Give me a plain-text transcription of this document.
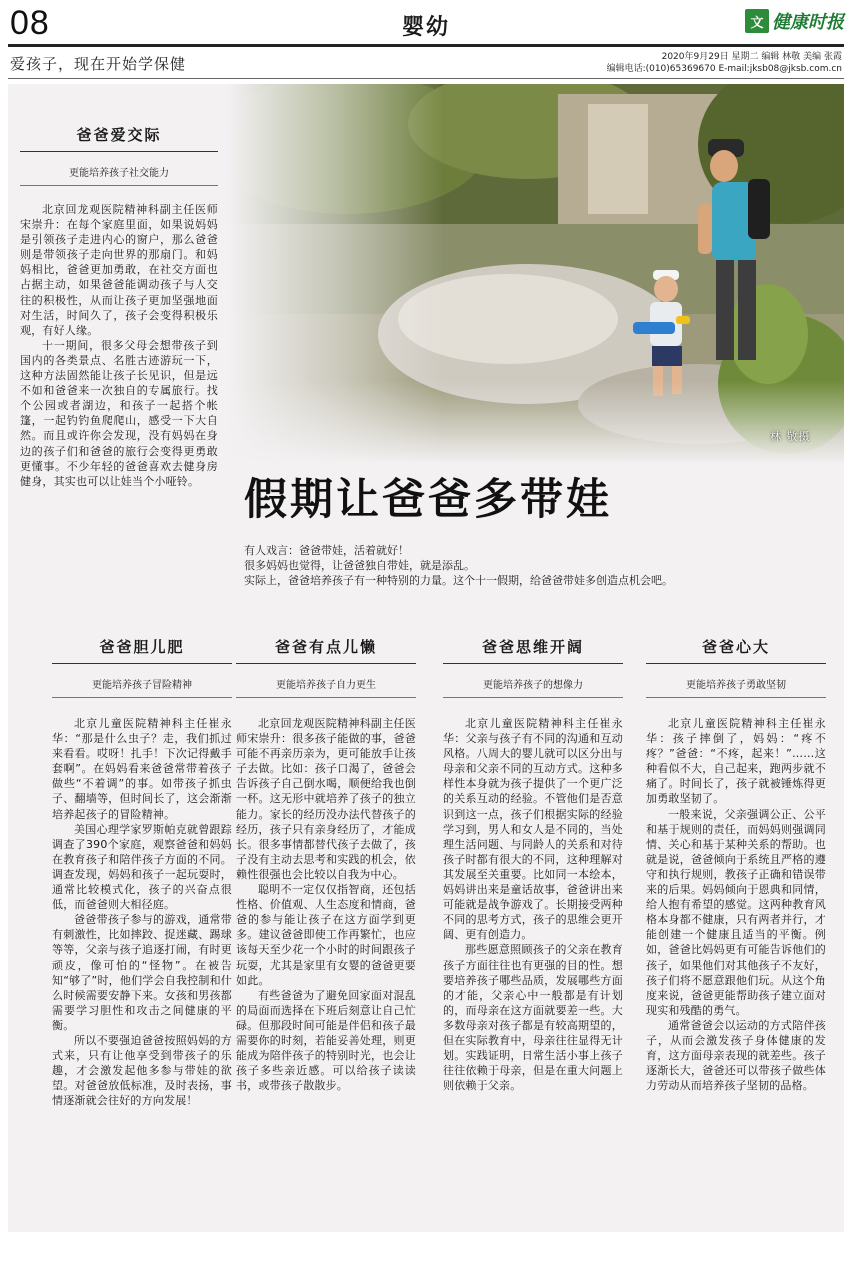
08	婴幼	文 健康时报
爱孩子，现在开始学保健	2020年9月29日 星期二 编辑 林敬 美编 张霞
编辑电话:(010)65369670 E-mail:jksb08@jksb.com.cn
林 敬摄
爸爸爱交际
更能培养孩子社交能力

北京回龙观医院精神科副主任医师宋崇升：在每个家庭里面，如果说妈妈是引领孩子走进内心的窗户，那么爸爸则是带领孩子走向世界的那扇门。和妈妈相比，爸爸更加勇敢，在社交方面也占据主动，如果爸爸能调动孩子与人交往的积极性，从而让孩子更加坚强地面对生活，时间久了，孩子会变得积极乐观，有好人缘。

十一期间，很多父母会想带孩子到国内的各类景点、名胜古迹游玩一下，这种方法固然能让孩子长见识，但是远不如和爸爸来一次独自的专属旅行。找个公园或者湖边，和孩子一起搭个帐篷，一起钓钓鱼爬爬山，感受一下大自然。而且或许你会发现，没有妈妈在身边的孩子们和爸爸的旅行会变得更勇敢更懂事。不少年轻的爸爸喜欢去健身房健身，其实也可以让娃当个小哑铃。	假期让爸爸多带娃

有人戏言：爸爸带娃，活着就好！

很多妈妈也觉得，让爸爸独自带娃，就是添乱。

实际上，爸爸培养孩子有一种特别的力量。这个十一假期，给爸爸带娃多创造点机会吧。

爸爸胆儿肥
更能培养孩子冒险精神

北京儿童医院精神科主任崔永华：“那是什么虫子？走，我们抓过来看看。哎呀！扎手！下次记得戴手套啊”。在妈妈看来爸爸常带着孩子做些“不着调”的事。如带孩子抓虫子、翻墙等，但时间长了，这会渐渐培养起孩子的冒险精神。

美国心理学家罗斯帕克就曾跟踪调查了390个家庭，观察爸爸和妈妈在教育孩子和陪伴孩子方面的不同。调查发现，妈妈和孩子一起玩耍时，通常比较模式化，孩子的兴奋点很低，而爸爸则大相径庭。

爸爸带孩子参与的游戏，通常带有刺激性，比如摔跤、捉迷藏、踢球等等，父亲与孩子追逐打闹，有时更顽皮，像可怕的“怪物”。在被告知“够了”时，他们学会自我控制和什么时候需要安静下来。女孩和男孩都需要学习胆性和攻击之间健康的平衡。

所以不要强迫爸爸按照妈妈的方式来，只有让他享受到带孩子的乐趣，才会激发起他多参与带娃的欲望。对爸爸放低标准，及时表扬，事情逐渐就会往好的方向发展！

爸爸有点儿懒
更能培养孩子自力更生

北京回龙观医院精神科副主任医师宋崇升：很多孩子能做的事，爸爸可能不再亲历亲为，更可能放手让孩子去做。比如：孩子口渴了，爸爸会告诉孩子自己倒水喝，顺便给我也倒一杯。这无形中就培养了孩子的独立能力。家长的经历没办法代替孩子的经历，孩子只有亲身经历了，才能成长。很多事情都替代孩子去做了，孩子没有主动去思考和实践的机会，依赖性很强也会比较以自我为中心。

聪明不一定仅仅指智商，还包括性格、价值观、人生态度和情商，爸爸的参与能让孩子在这方面学到更多。建议爸爸即使工作再繁忙，也应该每天至少花一个小时的时间跟孩子玩耍，尤其是家里有女婴的爸爸更要如此。

有些爸爸为了避免回家面对混乱的局面而选择在下班后刻意让自己忙碌。但那段时间可能是伴侣和孩子最需要你的时刻，若能妥善处理，则更能成为陪伴孩子的特别时光，也会让孩子多些亲近感。可以给孩子读读书，或带孩子散散步。

爸爸思维开阔
更能培养孩子的想像力

北京儿童医院精神科主任崔永华：父亲与孩子有不同的沟通和互动风格。八周大的婴儿就可以区分出与母亲和父亲不同的互动方式。这种多样性本身就为孩子提供了一个更广泛的关系互动的经验。不管他们是否意识到这一点，孩子们根据实际的经验学习到，男人和女人是不同的，当处理生活问题、与同龄人的关系和对待孩子时都有很大的不同，这种理解对其发展至关重要。比如同一本绘本，妈妈讲出来是童话故事，爸爸讲出来可能就是战争游戏了。长期接受两种不同的思考方式，孩子的思维会更开阔、更有创造力。

那些愿意照顾孩子的父亲在教育孩子方面往往也有更强的目的性。想要培养孩子哪些品质，发展哪些方面的才能，父亲心中一般都是有计划的，而母亲在这方面就要差一些。大多数母亲对孩子都是有较高期望的，但在实际教育中，母亲往往显得无计划。实践证明，日常生活小事上孩子往往依赖于母亲，但是在重大问题上则依赖于父亲。

爸爸心大
更能培养孩子勇敢坚韧

北京儿童医院精神科主任崔永华：孩子摔倒了，妈妈：“疼不疼？”爸爸：“不疼，起来！”……这种看似不大，自己起来，跑两步就不痛了。时间长了，孩子就被锤炼得更加勇敢坚韧了。

一般来说，父亲强调公正、公平和基于规则的责任，而妈妈则强调同情、关心和基于某种关系的帮助。也就是说，爸爸倾向于系统且严格的遵守和执行规则，教孩子正确和错误带来的后果。妈妈倾向于恩典和同情，给人抱有希望的感觉。这两种教育风格本身都不健康，只有两者并行，才能创建一个健康且适当的平衡。例如，爸爸比妈妈更有可能告诉他们的孩子，如果他们对其他孩子不友好，孩子们将不愿意跟他们玩。从这个角度来说，爸爸更能帮助孩子建立面对现实和残酷的勇气。

通常爸爸会以运动的方式陪伴孩子，从而会激发孩子身体健康的发育，这方面母亲表现的就差些。孩子逐渐长大，爸爸还可以带孩子做些体力劳动从而培养孩子坚韧的品格。
